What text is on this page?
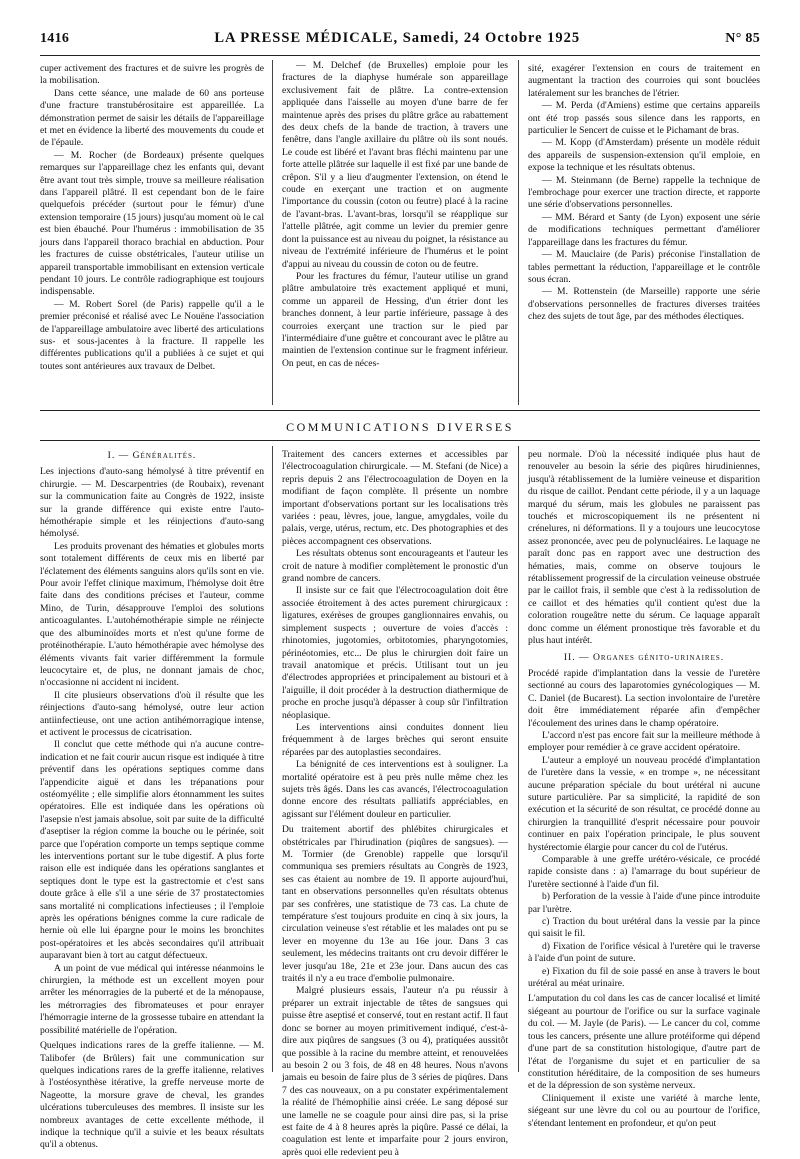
1416	LA PRESSE MÉDICALE, Samedi, 24 Octobre 1925	N° 85

cuper activement des fractures et de suivre les progrès de la mobilisation.

Dans cette séance, une malade de 60 ans porteuse d'une fracture transtubérositaire est appareillée. La démonstration permet de saisir les détails de l'appareillage et met en évidence la liberté des mouvements du coude et de l'épaule.

— M. Rocher (de Bordeaux) présente quelques remarques sur l'appareillage chez les enfants qui, devant être avant tout très simple, trouve sa meilleure réalisation dans l'appareil plâtré. Il est cependant bon de le faire quelquefois précéder (surtout pour le fémur) d'une extension temporaire (15 jours) jusqu'au moment où le cal est bien ébauché. Pour l'humérus : immobilisation de 35 jours dans l'appareil thoraco brachial en abduction. Pour les fractures de cuisse obstétricales, l'auteur utilise un appareil transportable immobilisant en extension verticale pendant 10 jours. Le contrôle radiographique est toujours indispensable.

— M. Robert Sorel (de Paris) rappelle qu'il a le premier préconisé et réalisé avec Le Nouëne l'association de l'appareillage ambulatoire avec liberté des articulations sus- et sous-jacentes à la fracture. Il rappelle les différentes publications qu'il a publiées à ce sujet et qui toutes sont antérieures aux travaux de Delbet.

— M. Delchef (de Bruxelles) emploie pour les fractures de la diaphyse humérale son appareillage exclusivement fait de plâtre. La contre-extension appliquée dans l'aisselle au moyen d'une barre de fer maintenue après des prises du plâtre grâce au rabattement des deux chefs de la bande de traction, à travers une fenêtre, dans l'angle axillaire du plâtre où ils sont noués. Le coude est libéré et l'avant bras fléchi maintenu par une forte attelle plâtrée sur laquelle il est fixé par une bande de crêpon. S'il y a lieu d'augmenter l'extension, on étend le coude en exerçant une traction et on augmente l'importance du coussin (coton ou feutre) placé à la racine de l'avant-bras. L'avant-bras, lorsqu'il se réapplique sur l'attelle plâtrée, agit comme un levier du premier genre dont la puissance est au niveau du poignet, la résistance au niveau de l'extrémité inférieure de l'humérus et le point d'appui au niveau du coussin de coton ou de feutre.

Pour les fractures du fémur, l'auteur utilise un grand plâtre ambulatoire très exactement appliqué et muni, comme un appareil de Hessing, d'un étrier dont les branches donnent, à leur partie inférieure, passage à des courroies exerçant une traction sur le pied par l'intermédiaire d'une guêtre et concourant avec le plâtre au maintien de l'extension continue sur le fragment inférieur. On peut, en cas de néces-

sité, exagérer l'extension en cours de traitement en augmentant la traction des courroies qui sont bouclées latéralement sur les branches de l'étrier.

— M. Perda (d'Amiens) estime que certains appareils ont été trop passés sous silence dans les rapports, en particulier le Sencert de cuisse et le Pichamant de bras.

— M. Kopp (d'Amsterdam) présente un modèle réduit des appareils de suspension-extension qu'il emploie, en expose la technique et les résultats obtenus.

— M. Steinmann (de Berne) rappelle la technique de l'embrochage pour exercer une traction directe, et rapporte une série d'observations personnelles.

— MM. Bérard et Santy (de Lyon) exposent une série de modifications techniques permettant d'améliorer l'appareillage dans les fractures du fémur.

— M. Mauclaire (de Paris) préconise l'installation de tables permettant la réduction, l'appareillage et le contrôle sous écran.

— M. Rottenstein (de Marseille) rapporte une série d'observations personnelles de fractures diverses traitées chez des sujets de tout âge, par des méthodes électiques.

COMMUNICATIONS DIVERSES
I. — Généralités.

Les injections d'auto-sang hémolysé à titre préventif en chirurgie. — M. Descarpentries (de Roubaix), revenant sur la communication faite au Congrès de 1922, insiste sur la grande différence qui existe entre l'auto-hémothérapie simple et les réinjections d'auto-sang hémolysé.

Les produits provenant des hématies et globules morts sont totalement différents de ceux mis en liberté par l'éclatement des éléments sanguins alors qu'ils sont en vie. Pour avoir l'effet clinique maximum, l'hémolyse doit être faite dans des conditions précises et l'auteur, comme Mino, de Turin, désapprouve l'emploi des solutions anticoagulantes. L'autohémothérapie simple ne réinjecte que des albuminoïdes morts et n'est qu'une forme de protéinothérapie. L'auto hémothérapie avec hémolyse des éléments vivants fait varier différemment la formule leucocytaire et, de plus, ne donnant jamais de choc, n'occasionne ni accident ni incident.

Il cite plusieurs observations d'où il résulte que les réinjections d'auto-sang hémolysé, outre leur action antiinfectieuse, ont une action antihémorragique intense, et activent le processus de cicatrisation.

Il conclut que cette méthode qui n'a aucune contre-indication et ne fait courir aucun risque est indiquée à titre préventif dans les opérations septiques comme dans l'appendicite aiguë et dans les trépanations pour ostéomyélite ; elle simplifie alors étonnamment les suites opératoires. Elle est indiquée dans les opérations où l'asepsie n'est jamais absolue, soit par suite de la difficulté d'aseptiser la région comme la bouche ou le périnée, soit parce que l'opération comporte un temps septique comme les interventions portant sur le tube digestif. A plus forte raison elle est indiquée dans les opérations sanglantes et septiques dont le type est la gastrectomie et c'est sans doute grâce à elle s'il a une série de 37 prostatectomies sans mortalité ni complications infectieuses ; il l'emploie après les opérations bénignes comme la cure radicale de hernie où elle lui épargne pour le moins les bronchites post-opératoires et les abcès secondaires qu'il attribuait auparavant bien à tort au catgut défectueux.

A un point de vue médical qui intéresse néanmoins le chirurgien, la méthode est un excellent moyen pour arrêter les ménorragies de la puberté et de la ménopause, les métrorragies des fibromateuses et pour enrayer l'hémorragie interne de la grossesse tubaire en attendant la possibilité matérielle de l'opération.

Quelques indications rares de la greffe italienne. — M. Talibofer (de Brûlers) fait une communication sur quelques indications rares de la greffe italienne, relatives à l'ostéosynthèse itérative, la greffe nerveuse morte de Nageotte, la morsure grave de cheval, les grandes ulcérations tuberculeuses des membres. Il insiste sur les nombreux avantages de cette excellente méthode, il indique la technique qu'il a suivie et les beaux résultats qu'il a obtenus.

Traitement des cancers externes et accessibles par l'électrocoagulation chirurgicale. — M. Stefani (de Nice) a repris depuis 2 ans l'électrocoagulation de Doyen en la modifiant de façon complète. Il présente un nombre important d'observations portant sur les localisations très variées : peau, lèvres, joue, langue, amygdales, voile du palais, verge, utérus, rectum, etc. Des photographies et des pièces accompagnent ces observations.

Les résultats obtenus sont encourageants et l'auteur les croit de nature à modifier complètement le pronostic d'un grand nombre de cancers.

Il insiste sur ce fait que l'électrocoagulation doit être associée étroitement à des actes purement chirurgicaux : ligatures, exérèses de groupes ganglionnaires envahis, ou simplement suspects ; ouverture de voies d'accès : rhinotomies, jugotomies, orbitotomies, pharyngotomies, périnéotomies, etc... De plus le chirurgien doit faire un travail anatomique et précis. Utilisant tout un jeu d'électrodes appropriées et principalement au bistouri et à l'aiguille, il doit procéder à la destruction diathermique de proche en proche jusqu'à dépasser à coup sûr l'infiltration néoplasique.

Les interventions ainsi conduites donnent lieu fréquemment à de larges brèches qui seront ensuite réparées par des autoplasties secondaires.

La bénignité de ces interventions est à souligner. La mortalité opératoire est à peu près nulle même chez les sujets très âgés. Dans les cas avancés, l'électrocoagulation donne encore des résultats palliatifs appréciables, en agissant sur l'élément douleur en particulier.

Du traitement abortif des phlébites chirurgicales et obstétricales par l'hirudination (piqûres de sangsues). — M. Tormier (de Grenoble) rappelle que lorsqu'il communiqua ses premiers résultats au Congrès de 1923, ses cas étaient au nombre de 19. Il apporte aujourd'hui, tant en observations personnelles qu'en résultats obtenus par ses confrères, une statistique de 73 cas. La chute de température s'est toujours produite en cinq à six jours, la circulation veineuse s'est rétablie et les malades ont pu se lever en moyenne du 13e au 16e jour. Dans 3 cas seulement, les médecins traitants ont cru devoir différer le lever jusqu'au 18e, 21e et 23e jour. Dans aucun des cas traités il n'y a eu trace d'embolie pulmonaire.

Malgré plusieurs essais, l'auteur n'a pu réussir à préparer un extrait injectable de têtes de sangsues qui puisse être aseptisé et conservé, tout en restant actif. Il faut donc se borner au moyen primitivement indiqué, c'est-à-dire aux piqûres de sangsues (3 ou 4), pratiquées aussitôt que possible à la racine du membre atteint, et renouvelées au besoin 2 ou 3 fois, de 48 en 48 heures. Nous n'avons jamais eu besoin de faire plus de 3 séries de piqûres. Dans 7 des cas nouveaux, on a pu constater expérimentalement la réalité de l'hémophilie ainsi créée. Le sang déposé sur une lamelle ne se coagule pour ainsi dire pas, si la prise est faite de 4 à 8 heures après la piqûre. Passé ce délai, la coagulation est lente et imparfaite pour 2 jours environ, après quoi elle redevient peu à

peu normale. D'où la nécessité indiquée plus haut de renouveler au besoin la série des piqûres hirudiniennes, jusqu'à rétablissement de la lumière veineuse et disparition du risque de caillot. Pendant cette période, il y a un laquage marqué du sérum, mais les globules ne paraissent pas touchés et microscopiquement ils ne présentent ni crénelures, ni déformations. Il y a toujours une leucocytose assez prononcée, avec peu de polynucléaires. Le laquage ne paraît donc pas en rapport avec une destruction des hématies, mais, comme on observe toujours le rétablissement progressif de la circulation veineuse obstruée par le caillot frais, il semble que c'est à la redissolution de ce caillot et des hématies qu'il contient qu'est due la coloration rougeâtre nette du sérum. Ce laquage apparaît donc comme un élément pronostique très favorable et du plus haut intérêt.

II. — Organes génito-urinaires.

Procédé rapide d'implantation dans la vessie de l'uretère sectionné au cours des laparotomies gynécologiques — M. C. Daniel (de Bucarest). La section involontaire de l'uretère doit être immédiatement réparée afin d'empêcher l'écoulement des urines dans le champ opératoire.

L'accord n'est pas encore fait sur la meilleure méthode à employer pour remédier à ce grave accident opératoire.

L'auteur a employé un nouveau procédé d'implantation de l'uretère dans la vessie, « en trompe », ne nécessitant aucune préparation spéciale du bout urétéral ni aucune suture particulière. Par sa simplicité, la rapidité de son exécution et la sécurité de son résultat, ce procédé donne au chirurgien la tranquillité d'esprit nécessaire pour pouvoir continuer en paix l'opération principale, le plus souvent hystérectomie élargie pour cancer du col de l'utérus.

Comparable à une greffe urétéro-vésicale, ce procédé rapide consiste dans : a) l'amarrage du bout supérieur de l'uretère sectionné à l'aide d'un fil.

b) Perforation de la vessie à l'aide d'une pince introduite par l'urètre.

c) Traction du bout urétéral dans la vessie par la pince qui saisit le fil.

d) Fixation de l'orifice vésical à l'uretère qui le traverse à l'aide d'un point de suture.

e) Fixation du fil de soie passé en anse à travers le bout urétéral au méat urinaire.

L'amputation du col dans les cas de cancer localisé et limité siégeant au pourtour de l'orifice ou sur la surface vaginale du col. — M. Jayle (de Paris). — Le cancer du col, comme tous les cancers, présente une allure protéiforme qui dépend d'une part de sa constitution histologique, d'autre part de l'état de l'organisme du sujet et en particulier de sa constitution héréditaire, de la composition de ses humeurs et de la dépression de son système nerveux.

Cliniquement il existe une variété à marche lente, siégeant sur une lèvre du col ou au pourtour de l'orifice, s'étendant lentement en profondeur, et qu'on peut
